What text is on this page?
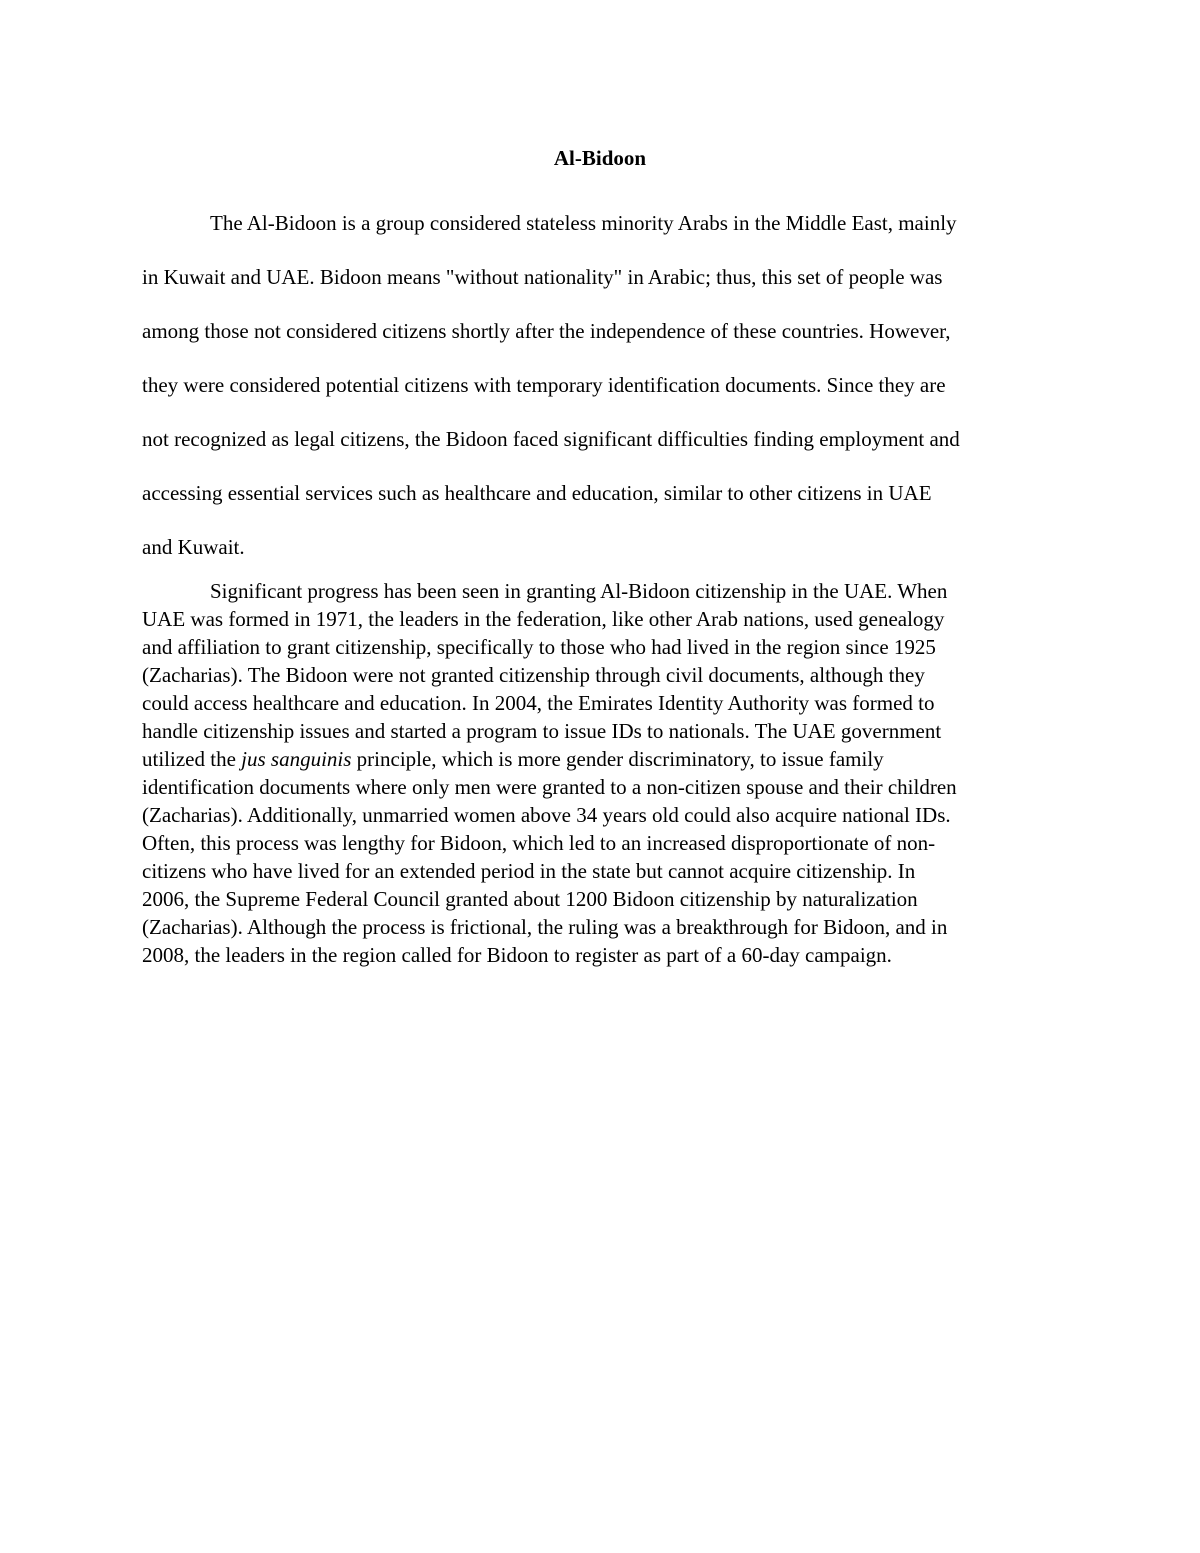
Al-Bidoon

The Al-Bidoon is a group considered stateless minority Arabs in the Middle East, mainly
in Kuwait and UAE. Bidoon means "without nationality" in Arabic; thus, this set of people was
among those not considered citizens shortly after the independence of these countries. However,
they were considered potential citizens with temporary identification documents. Since they are
not recognized as legal citizens, the Bidoon faced significant difficulties finding employment and
accessing essential services such as healthcare and education, similar to other citizens in UAE
and Kuwait.

Significant progress has been seen in granting Al-Bidoon citizenship in the UAE. When
UAE was formed in 1971, the leaders in the federation, like other Arab nations, used genealogy
and affiliation to grant citizenship, specifically to those who had lived in the region since 1925
(Zacharias). The Bidoon were not granted citizenship through civil documents, although they
could access healthcare and education. In 2004, the Emirates Identity Authority was formed to
handle citizenship issues and started a program to issue IDs to nationals. The UAE government
utilized the jus sanguinis principle, which is more gender discriminatory, to issue family
identification documents where only men were granted to a non-citizen spouse and their children
(Zacharias). Additionally, unmarried women above 34 years old could also acquire national IDs.
Often, this process was lengthy for Bidoon, which led to an increased disproportionate of non-
citizens who have lived for an extended period in the state but cannot acquire citizenship. In
2006, the Supreme Federal Council granted about 1200 Bidoon citizenship by naturalization
(Zacharias). Although the process is frictional, the ruling was a breakthrough for Bidoon, and in
2008, the leaders in the region called for Bidoon to register as part of a 60-day campaign.
